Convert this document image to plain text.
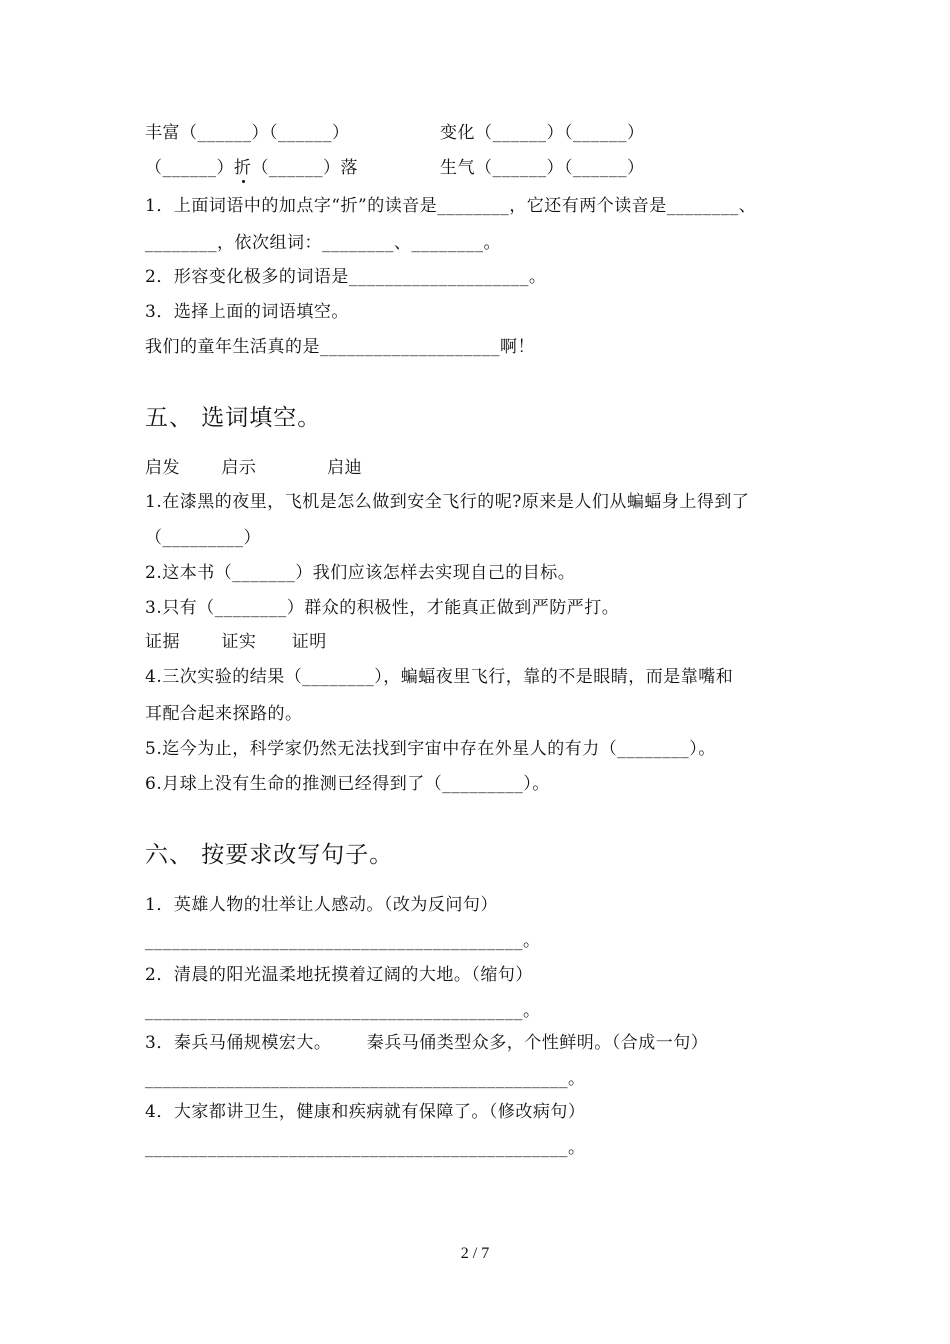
丰富（______）（______）	变化（______）（______）
（______）折（______）落	生气（______）（______）
1．上面词语中的加点字“折”的读音是________，它还有两个读音是________、
________，依次组词：________、________。
2．形容变化极多的词语是____________________。
3．选择上面的词语填空。
我们的童年生活真的是____________________啊！
五、 选词填空。
启发       启示            启迪
1.在漆黑的夜里，飞机是怎么做到安全飞行的呢?原来是人们从蝙蝠身上得到了
（_________）
2.这本书（_______）我们应该怎样去实现自己的目标。
3.只有（________）群众的积极性，才能真正做到严防严打。
证据       证实      证明
4.三次实验的结果（________），蝙蝠夜里飞行，靠的不是眼睛，而是靠嘴和
耳配合起来探路的。
5.迄今为止，科学家仍然无法找到宇宙中存在外星人的有力（________）。
6.月球上没有生命的推测已经得到了（_________）。
六、 按要求改写句子。
1．英雄人物的壮举让人感动。（改为反问句）
__________________________________________。
2．清晨的阳光温柔地抚摸着辽阔的大地。（缩句）
__________________________________________。
3．秦兵马俑规模宏大。      秦兵马俑类型众多，个性鲜明。（合成一句）
_______________________________________________。
4．大家都讲卫生，健康和疾病就有保障了。（修改病句）
_______________________________________________。
2 / 7
